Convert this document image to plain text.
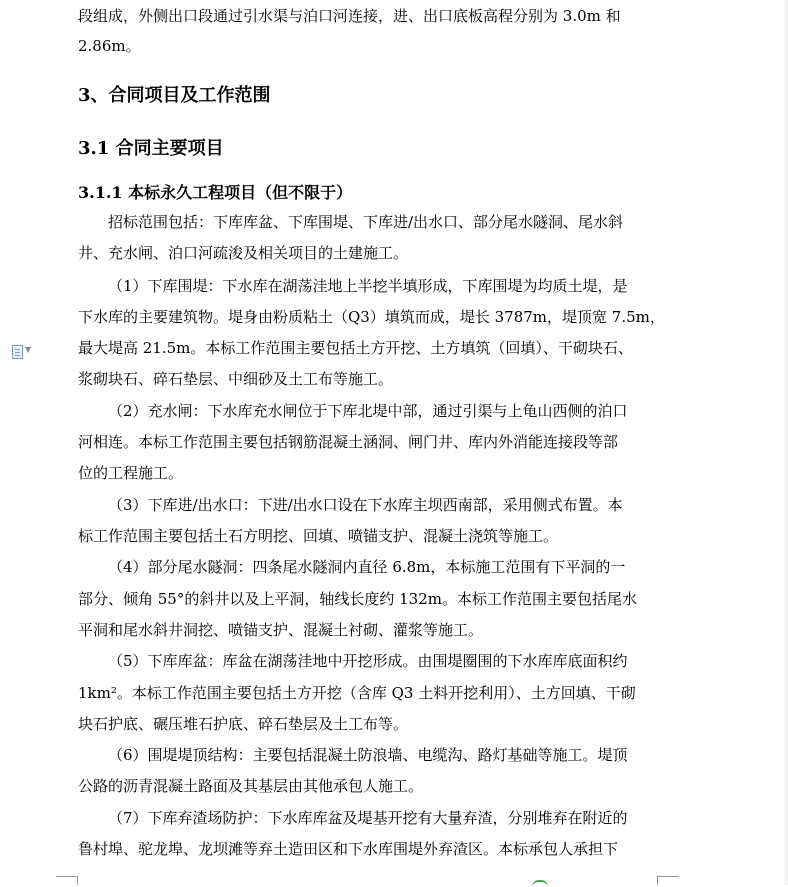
段组成，外侧出口段通过引水渠与泊口河连接，进、出口底板高程分别为 3.0m 和
2.86m。
3、合同项目及工作范围
3.1 合同主要项目
3.1.1 本标永久工程项目（但不限于）
招标范围包括：下库库盆、下库围堤、下库进/出水口、部分尾水隧洞、尾水斜
井、充水闸、泊口河疏浚及相关项目的土建施工。
（1）下库围堤：下水库在湖荡洼地上半挖半填形成，下库围堤为均质土堤，是
下水库的主要建筑物。堤身由粉质粘土（Q3）填筑而成，堤长 3787m，堤顶宽 7.5m，
最大堤高 21.5m。本标工作范围主要包括土方开挖、土方填筑（回填）、干砌块石、
浆砌块石、碎石垫层、中细砂及土工布等施工。
（2）充水闸：下水库充水闸位于下库北堤中部，通过引渠与上龟山西侧的泊口
河相连。本标工作范围主要包括钢筋混凝土涵洞、闸门井、库内外消能连接段等部
位的工程施工。
（3）下库进/出水口：下进/出水口设在下水库主坝西南部，采用侧式布置。本
标工作范围主要包括土石方明挖、回填、喷锚支护、混凝土浇筑等施工。
（4）部分尾水隧洞：四条尾水隧洞内直径 6.8m，本标施工范围有下平洞的一
部分、倾角 55°的斜井以及上平洞，轴线长度约 132m。本标工作范围主要包括尾水
平洞和尾水斜井洞挖、喷锚支护、混凝土衬砌、灌浆等施工。
（5）下库库盆：库盆在湖荡洼地中开挖形成。由围堤圈围的下水库库底面积约
1km²。本标工作范围主要包括土方开挖（含库 Q3 土料开挖利用）、土方回填、干砌
块石护底、碾压堆石护底、碎石垫层及土工布等。
（6）围堤堤顶结构：主要包括混凝土防浪墙、电缆沟、路灯基础等施工。堤顶
公路的沥青混凝土路面及其基层由其他承包人施工。
（7）下库弃渣场防护：下水库库盆及堤基开挖有大量弃渣，分别堆弃在附近的
鲁村埠、驼龙埠、龙坝滩等弃土造田区和下水库围堤外弃渣区。本标承包人承担下
▼
